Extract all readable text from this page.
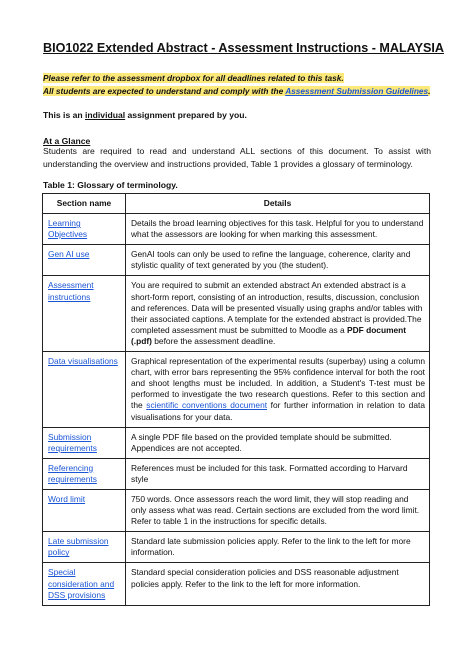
BIO1022 Extended Abstract - Assessment Instructions - MALAYSIA
Please refer to the assessment dropbox for all deadlines related to this task.
All students are expected to understand and comply with the Assessment Submission Guidelines.
This is an individual assignment prepared by you.
At a Glance
Students are required to read and understand ALL sections of this document. To assist with understanding the overview and instructions provided, Table 1 provides a glossary of terminology.
Table 1: Glossary of terminology.
Section name	Details
Learning Objectives	Details the broad learning objectives for this task. Helpful for you to understand what the assessors are looking for when marking this assessment.
Gen AI use	GenAI tools can only be used to refine the language, coherence, clarity and stylistic quality of text generated by you (the student).
Assessment instructions	You are required to submit an extended abstract An extended abstract is a short-form report, consisting of an introduction, results, discussion, conclusion and references. Data will be presented visually using graphs and/or tables with their associated captions. A template for the extended abstract is provided.The completed assessment must be submitted to Moodle as a PDF document (.pdf) before the assessment deadline.
Data visualisations	Graphical representation of the experimental results (superbay) using a column chart, with error bars representing the 95% confidence interval for both the root and shoot lengths must be included. In addition, a Student's T-test must be performed to investigate the two research questions. Refer to this section and the scientific conventions document for further information in relation to data visualisations for your data.
Submission requirements	A single PDF file based on the provided template should be submitted. Appendices are not accepted.
Referencing requirements	References must be included for this task. Formatted according to Harvard style
Word limit	750 words. Once assessors reach the word limit, they will stop reading and only assess what was read. Certain sections are excluded from the word limit. Refer to table 1 in the instructions for specific details.
Late submission policy	Standard late submission policies apply. Refer to the link to the left for more information.
Special consideration and DSS provisions	Standard special consideration policies and DSS reasonable adjustment policies apply. Refer to the link to the left for more information.
